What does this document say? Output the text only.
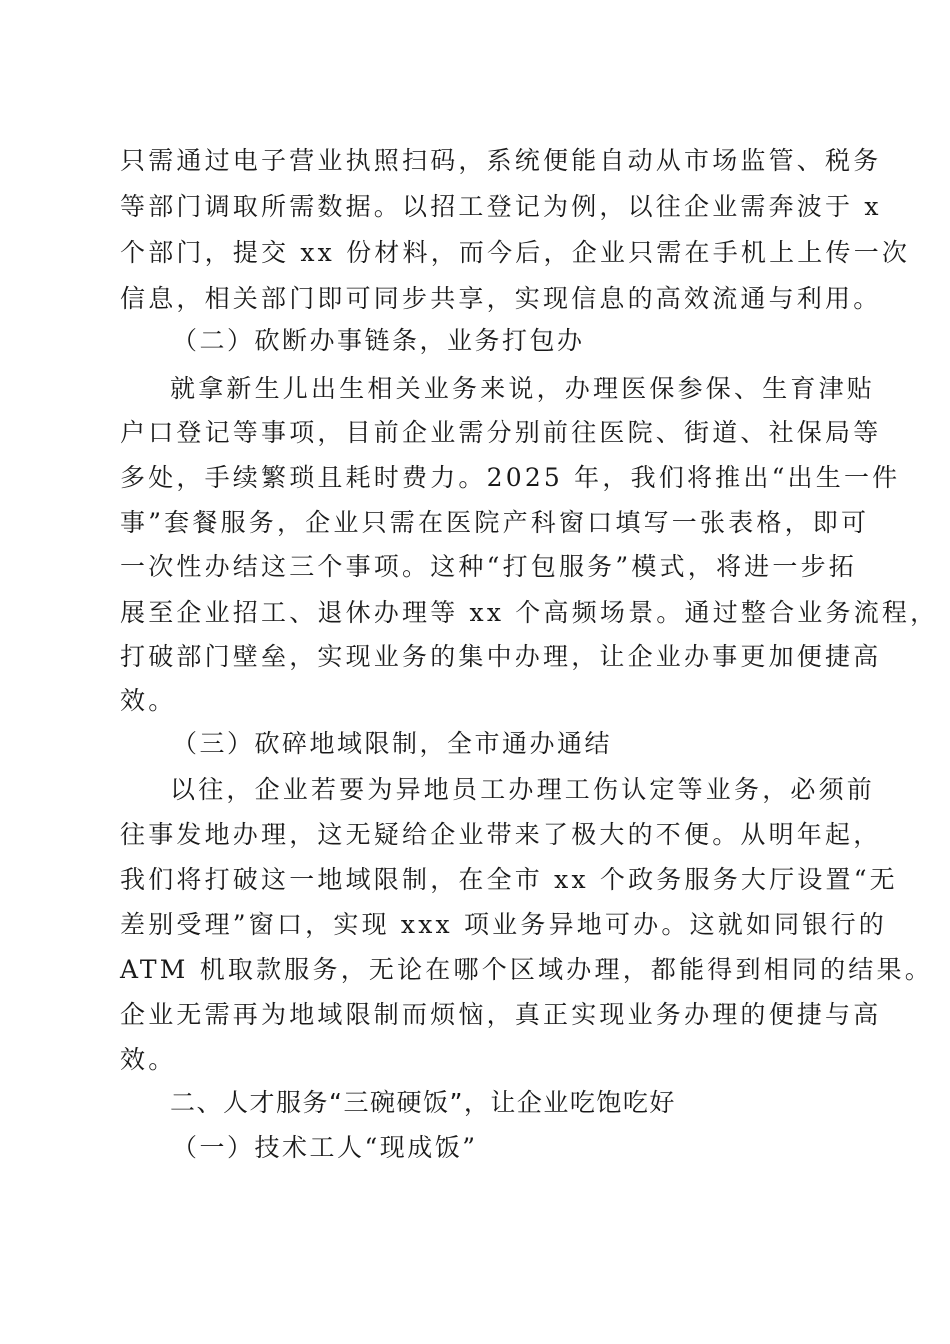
只需通过电子营业执照扫码，系统便能自动从市场监管、税务
等部门调取所需数据。以招工登记为例，以往企业需奔波于 x
个部门，提交 xx 份材料，而今后，企业只需在手机上上传一次
信息，相关部门即可同步共享，实现信息的高效流通与利用。
（二）砍断办事链条，业务打包办
就拿新生儿出生相关业务来说，办理医保参保、生育津贴
户口登记等事项，目前企业需分别前往医院、街道、社保局等
多处，手续繁琐且耗时费力。2025 年，我们将推出“出生一件
事”套餐服务，企业只需在医院产科窗口填写一张表格，即可
一次性办结这三个事项。这种“打包服务”模式，将进一步拓
展至企业招工、退休办理等 xx 个高频场景。通过整合业务流程，
打破部门壁垒，实现业务的集中办理，让企业办事更加便捷高
效。
（三）砍碎地域限制，全市通办通结
以往，企业若要为异地员工办理工伤认定等业务，必须前
往事发地办理，这无疑给企业带来了极大的不便。从明年起，
我们将打破这一地域限制，在全市 xx 个政务服务大厅设置“无
差别受理”窗口，实现 xxx 项业务异地可办。这就如同银行的
ATM 机取款服务，无论在哪个区域办理，都能得到相同的结果。
企业无需再为地域限制而烦恼，真正实现业务办理的便捷与高
效。
二、人才服务“三碗硬饭”，让企业吃饱吃好
（一）技术工人“现成饭”
